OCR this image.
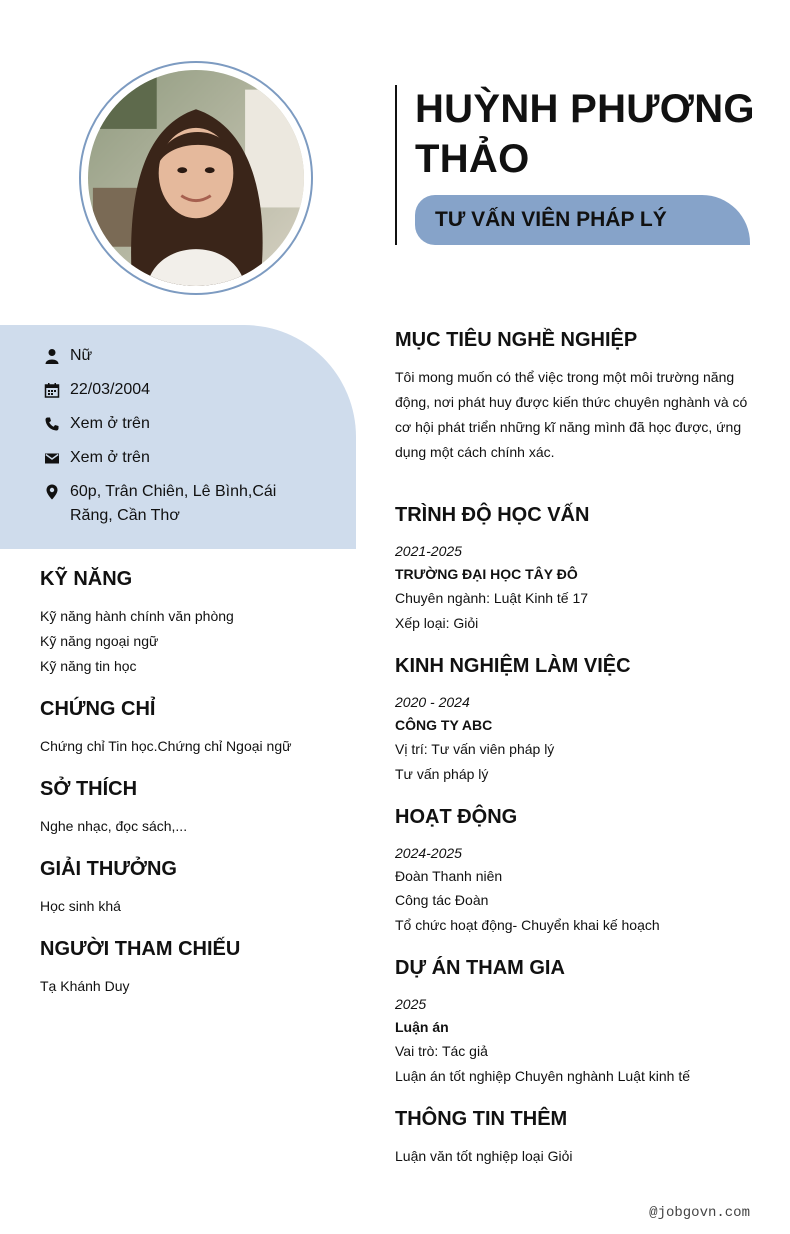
HUỲNH PHƯƠNG THẢO
TƯ VẤN VIÊN PHÁP LÝ
Nữ
22/03/2004
Xem ở trên
Xem ở trên
60p, Trân Chiên, Lê Bình,Cái
Răng, Cần Thơ
KỸ NĂNG
Kỹ năng hành chính văn phòng
Kỹ năng ngoại ngữ
Kỹ năng tin học
CHỨNG CHỈ
Chứng chỉ Tin học.Chứng chỉ Ngoại ngữ
SỞ THÍCH
Nghe nhạc, đọc sách,...
GIẢI THƯỞNG
Học sinh khá
NGƯỜI THAM CHIẾU
Tạ Khánh Duy
MỤC TIÊU NGHỀ NGHIỆP
Tôi mong muốn có thể việc trong một môi trường năng động, nơi phát huy được kiến thức chuyên nghành và có cơ hội phát triển những kĩ năng mình đã học được, ứng dụng một cách chính xác.
TRÌNH ĐỘ HỌC VẤN
2021-2025
TRƯỜNG ĐẠI HỌC TÂY ĐÔ
Chuyên ngành: Luật Kinh tế 17
Xếp loại: Giỏi
KINH NGHIỆM LÀM VIỆC
2020 - 2024
CÔNG TY ABC
Vị trí: Tư vấn viên pháp lý
Tư vấn pháp lý
HOẠT ĐỘNG
2024-2025
Đoàn Thanh niên
Công tác Đoàn
Tổ chức hoạt động- Chuyển khai kế hoạch
DỰ ÁN THAM GIA
2025
Luận án
Vai trò: Tác giả
Luận án tốt nghiệp Chuyên nghành Luật kinh tế
THÔNG TIN THÊM
Luận văn tốt nghiệp loại Giỏi
@jobgovn.com
